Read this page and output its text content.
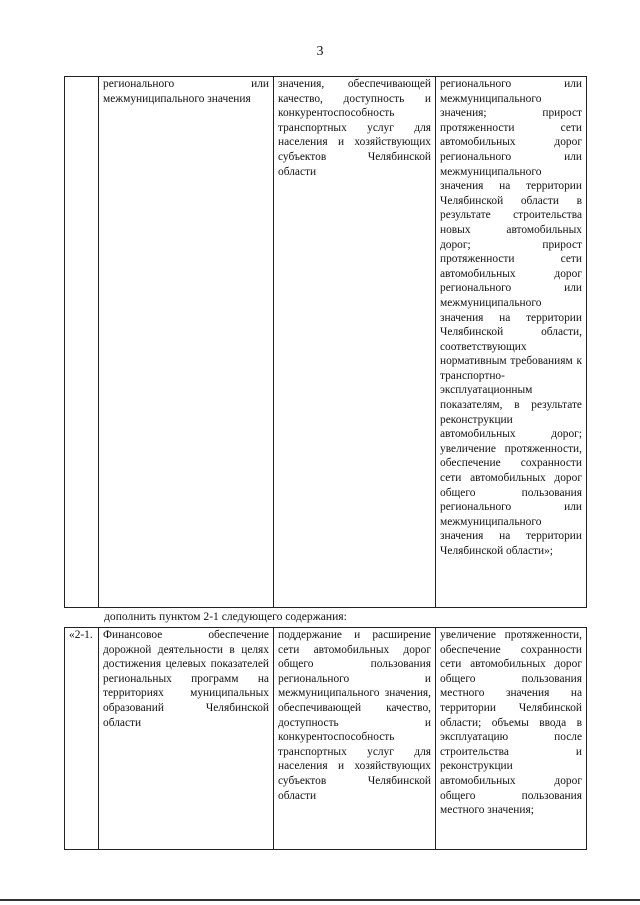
3
	регионального или межмуниципального значения	значения, обеспечивающей качество, доступность и конкурентоспособность транспортных услуг для населения и хозяйствующих субъектов Челябинской области	регионального или межмуниципального значения; прирост протяженности сети автомобильных дорог регионального или межмуниципального значения на территории Челябинской области в результате строительства новых автомобильных дорог; прирост протяженности сети автомобильных дорог регионального или межмуниципального значения на территории Челябинской области, соответствующих нормативным требованиям к транспортно-эксплуатационным показателям, в результате реконструкции автомобильных дорог; увеличение протяженности, обеспечение сохранности сети автомобильных дорог общего пользования регионального или межмуниципального значения на территории Челябинской области»;
дополнить пунктом 2-1 следующего содержания:
«2-1.	Финансовое обеспечение дорожной деятельности в целях достижения целевых показателей региональных программ на территориях муниципальных образований Челябинской области	поддержание и расширение сети автомобильных дорог общего пользования регионального и межмуниципального значения, обеспечивающей качество, доступность и конкурентоспособность транспортных услуг для населения и хозяйствующих субъектов Челябинской области	увеличение протяженности, обеспечение сохранности сети автомобильных дорог общего пользования местного значения на территории Челябинской области; объемы ввода в эксплуатацию после строительства и реконструкции автомобильных дорог общего пользования местного значения;
